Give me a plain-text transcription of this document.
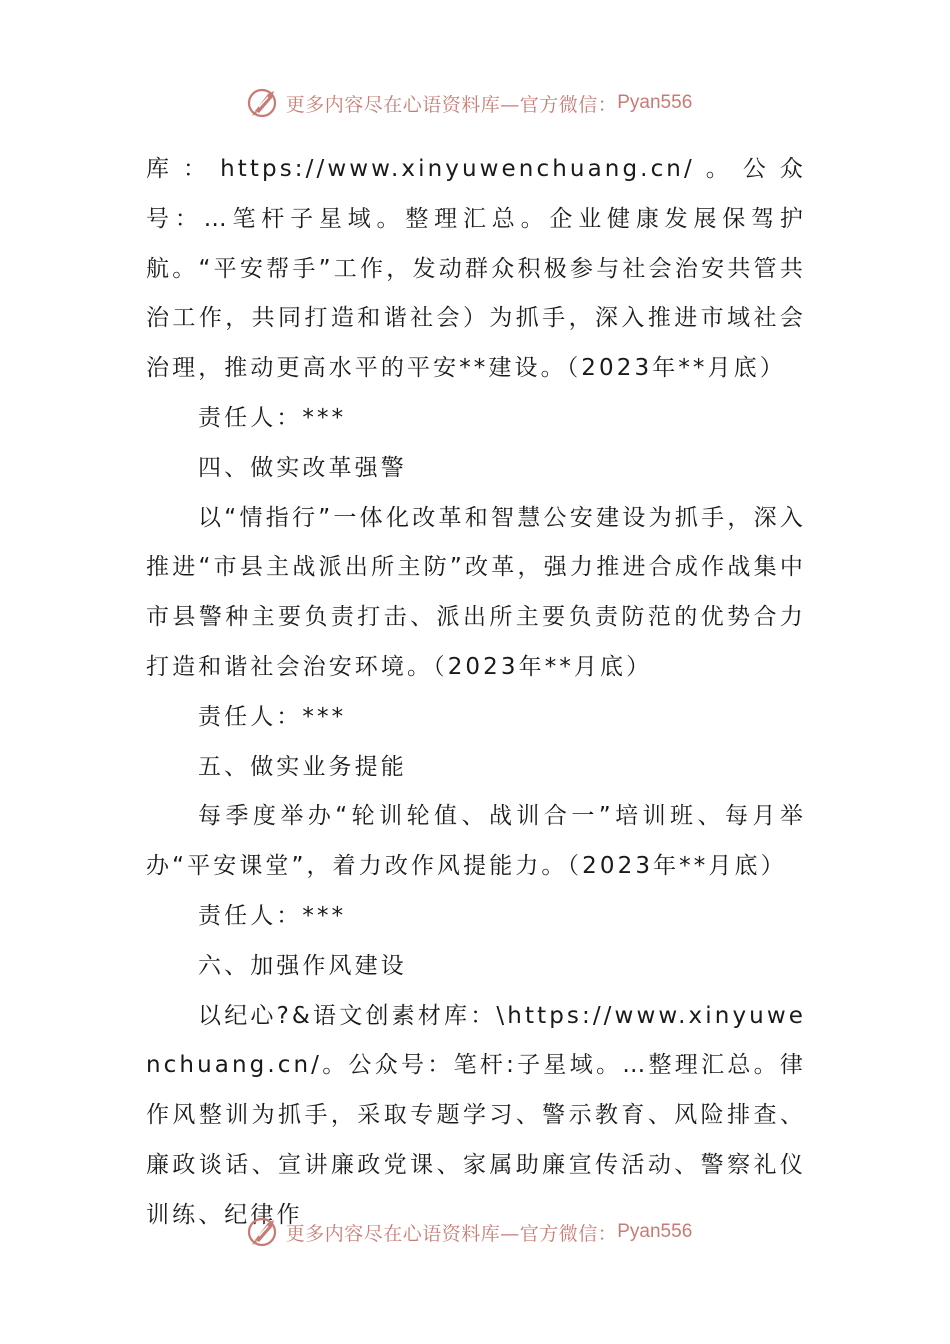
更多内容尽在心语资料库—官方微信： Pyan556

库：https://www.xinyuwenchuang.cn/。公众号：…笔杆子星域。整理汇总。企业健康发展保驾护航。“平安帮手”工作，发动群众积极参与社会治安共管共治工作，共同打造和谐社会）为抓手，深入推进市域社会治理，推动更高水平的平安**建设。（2023年**月底）

责任人：***

四、做实改革强警

以“情指行”一体化改革和智慧公安建设为抓手，深入推进“市县主战派出所主防”改革，强力推进合成作战集中市县警种主要负责打击、派出所主要负责防范的优势合力打造和谐社会治安环境。（2023年**月底）

责任人：***

五、做实业务提能

每季度举办“轮训轮值、战训合一”培训班、每月举办“平安课堂”，着力改作风提能力。（2023年**月底）

责任人：***

六、加强作风建设

以纪心?&语文创素材库：\https://www.xinyuwenchuang.cn/。公众号：笔杆:子星域。…整理汇总。律作风整训为抓手，采取专题学习、警示教育、风险排查、廉政谈话、宣讲廉政党课、家属助廉宣传活动、警察礼仪训练、纪律作

更多内容尽在心语资料库—官方微信： Pyan556
